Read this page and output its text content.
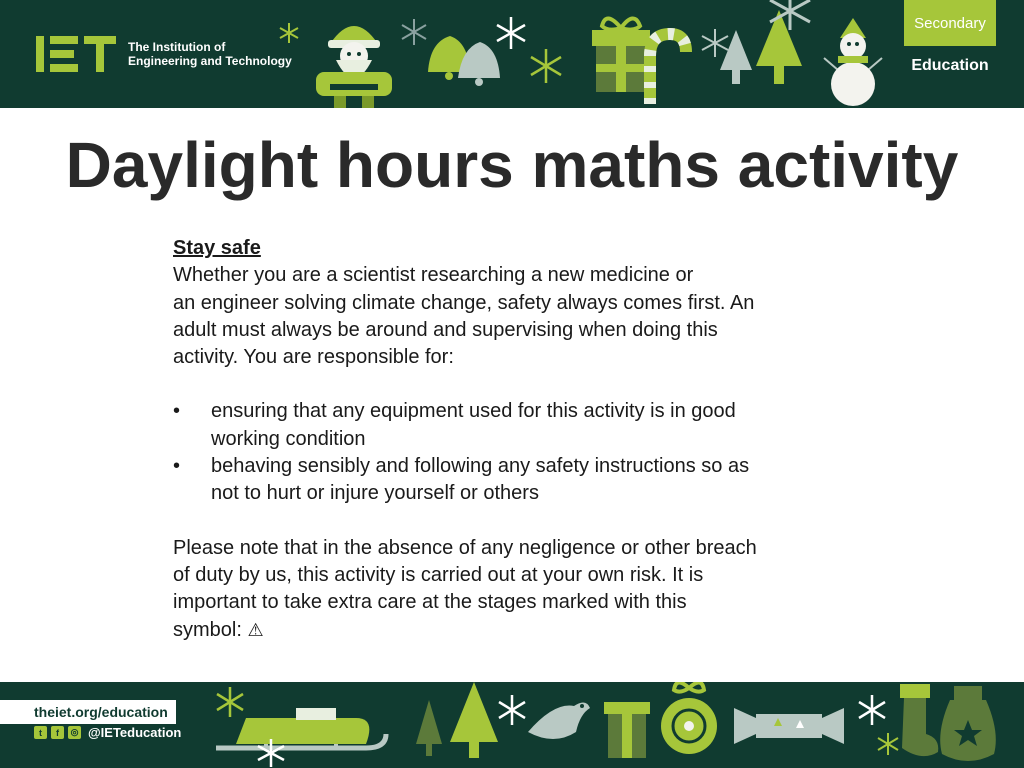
The Institution of
Engineering and Technology
Secondary
Education
Daylight hours maths activity
Stay safe
Whether you are a scientist researching a new medicine or
an engineer solving climate change, safety always comes first. An
adult must always be around and supervising when doing this
activity. You are responsible for:
• ensuring that any equipment used for this activity is in good
working condition
• behaving sensibly and following any safety instructions so as
not to hurt or injure yourself or others
Please note that in the absence of any negligence or other breach
of duty by us, this activity is carried out at your own risk. It is
important to take extra care at the stages marked with this
symbol: ⚠
theiet.org/education
t	f	◎ @IETeducation
